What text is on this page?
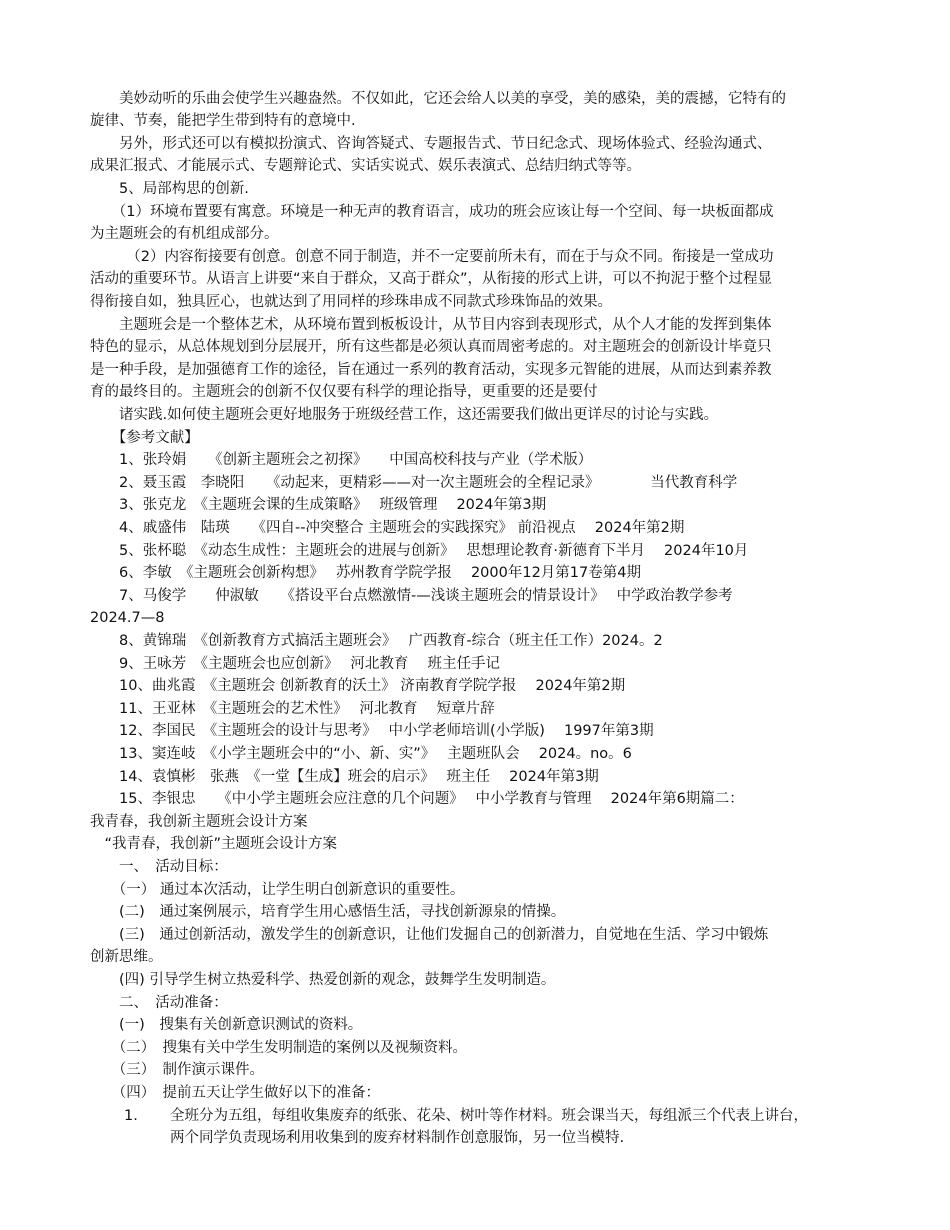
　　美妙动听的乐曲会使学生兴趣盎然。不仅如此，它还会给人以美的享受，美的感染，美的震撼，它特有的
旋律、节奏，能把学生带到特有的意境中.
　　另外，形式还可以有模拟扮演式、咨询答疑式、专题报告式、节日纪念式、现场体验式、经验沟通式、
成果汇报式、才能展示式、专题辩论式、实话实说式、娱乐表演式、总结归纳式等等。
　　5、局部构思的创新.
　　（1）环境布置要有寓意。环境是一种无声的教育语言，成功的班会应该让每一个空间、每一块板面都成
为主题班会的有机组成部分。
　　　（2）内容衔接要有创意。创意不同于制造，并不一定要前所未有，而在于与众不同。衔接是一堂成功
活动的重要环节。从语言上讲要“来自于群众，又高于群众”，从衔接的形式上讲，可以不拘泥于整个过程显
得衔接自如，独具匠心，也就达到了用同样的珍珠串成不同款式珍珠饰品的效果。
　　主题班会是一个整体艺术，从环境布置到板板设计，从节目内容到表现形式，从个人才能的发挥到集体
特色的显示，从总体规划到分层展开，所有这些都是必须认真而周密考虑的。对主题班会的创新设计毕竟只
是一种手段，是加强德育工作的途径，旨在通过一系列的教育活动，实现多元智能的进展，从而达到素养教
育的最终目的。主题班会的创新不仅仅要有科学的理论指导，更重要的还是要付
　　诸实践.如何使主题班会更好地服务于班级经营工作，这还需要我们做出更详尽的讨论与实践。
　　【参考文献】
　　1、张玲娟　　《创新主题班会之初探》　　中国高校科技与产业（学术版）
　　2、聂玉霞　李晓阳　　《动起来，更精彩——对一次主题班会的全程记录》　　　　当代教育科学
　　3、张克龙　《主题班会课的生成策略》　 班级管理　 2024年第3期
　　4、戚盛伟　陆瑛　　《四自--冲突整合 主题班会的实践探究》 前沿视点　 2024年第2期
　　5、张杯聪　《动态生成性：主题班会的进展与创新》　 思想理论教育·新德育下半月　 2024年10月
　　6、李敏　《主题班会创新构想》　 苏州教育学院学报　 2000年12月第17卷第4期
　　7、马俊学　　仲淑敏　　《搭设平台点燃激情-—浅谈主题班会的情景设计》　 中学政治教学参考
2024.7—8
　　8、黄锦瑞　《创新教育方式搞活主题班会》　 广西教育-综合（班主任工作）2024。2
　　9、王咏芳　《主题班会也应创新》　 河北教育　 班主任手记
　　10、曲兆霞　《主题班会 创新教育的沃土》 济南教育学院学报　 2024年第2期
　　11、王亚林　《主题班会的艺术性》　 河北教育　 短章片辞
　　12、李国民　《主题班会的设计与思考》　 中小学老师培训(小学版)　 1997年第3期
　　13、窦连岐　《小学主题班会中的“小、新、实”》　 主题班队会　 2024。no。6
　　14、袁慎彬　张燕　《一堂【生成】班会的启示》　 班主任　 2024年第3期
　　15、李银忠　　《中小学主题班会应注意的几个问题》　 中小学教育与管理　 2024年第6期篇二：
我青春，我创新主题班会设计方案
　“我青春，我创新”主题班会设计方案
　　一、　活动目标：
　　（一） 通过本次活动，让学生明白创新意识的重要性。
　　(二)　通过案例展示，培育学生用心感悟生活，寻找创新源泉的情操。
　　(三)　通过创新活动，激发学生的创新意识，让他们发掘自己的创新潜力，自觉地在生活、学习中锻炼
创新思维。
　　(四) 引导学生树立热爱科学、热爱创新的观念，鼓舞学生发明制造。
　　二、　活动准备：
　　(一)　搜集有关创新意识测试的资料。
　　（二）　搜集有关中学生发明制造的案例以及视频资料。
　　（三）　制作演示课件。
　　（四）　提前五天让学生做好以下的准备：
1. 全班分为五组，每组收集废弃的纸张、花朵、树叶等作材料。班会课当天，每组派三个代表上讲台，
两个同学负责现场利用收集到的废弃材料制作创意服饰，另一位当模特.
